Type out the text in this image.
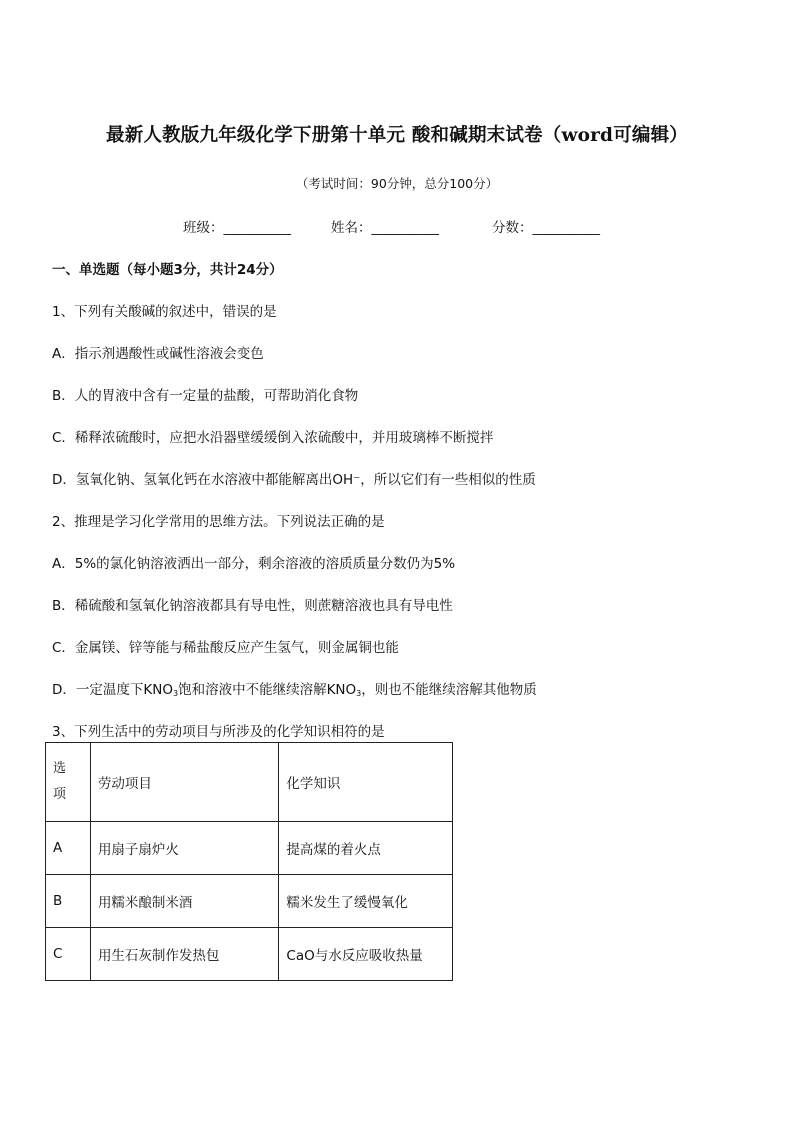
最新人教版九年级化学下册第十单元 酸和碱期末试卷（word可编辑）
（考试时间：90分钟，总分100分）
班级：__________	姓名：__________	分数：__________
一、单选题（每小题3分，共计24分）
1、下列有关酸碱的叙述中，错误的是
A．指示剂遇酸性或碱性溶液会变色
B．人的胃液中含有一定量的盐酸，可帮助消化食物
C．稀释浓硫酸时，应把水沿器壁缓缓倒入浓硫酸中，并用玻璃棒不断搅拌
D．氢氧化钠、氢氧化钙在水溶液中都能解离出OH⁻，所以它们有一些相似的性质
2、推理是学习化学常用的思维方法。下列说法正确的是
A．5%的氯化钠溶液洒出一部分，剩余溶液的溶质质量分数仍为5%
B．稀硫酸和氢氧化钠溶液都具有导电性，则蔗糖溶液也具有导电性
C．金属镁、锌等能与稀盐酸反应产生氢气，则金属铜也能
D．一定温度下$KNO_3$饱和溶液中不能继续溶解$KNO_3$，则也不能继续溶解其他物质
3、下列生活中的劳动项目与所涉及的化学知识相符的是
选
项	劳动项目	化学知识
A	用扇子扇炉火	提高煤的着火点
B	用糯米酿制米酒	糯米发生了缓慢氧化
C	用生石灰制作发热包	CaO与水反应吸收热量
